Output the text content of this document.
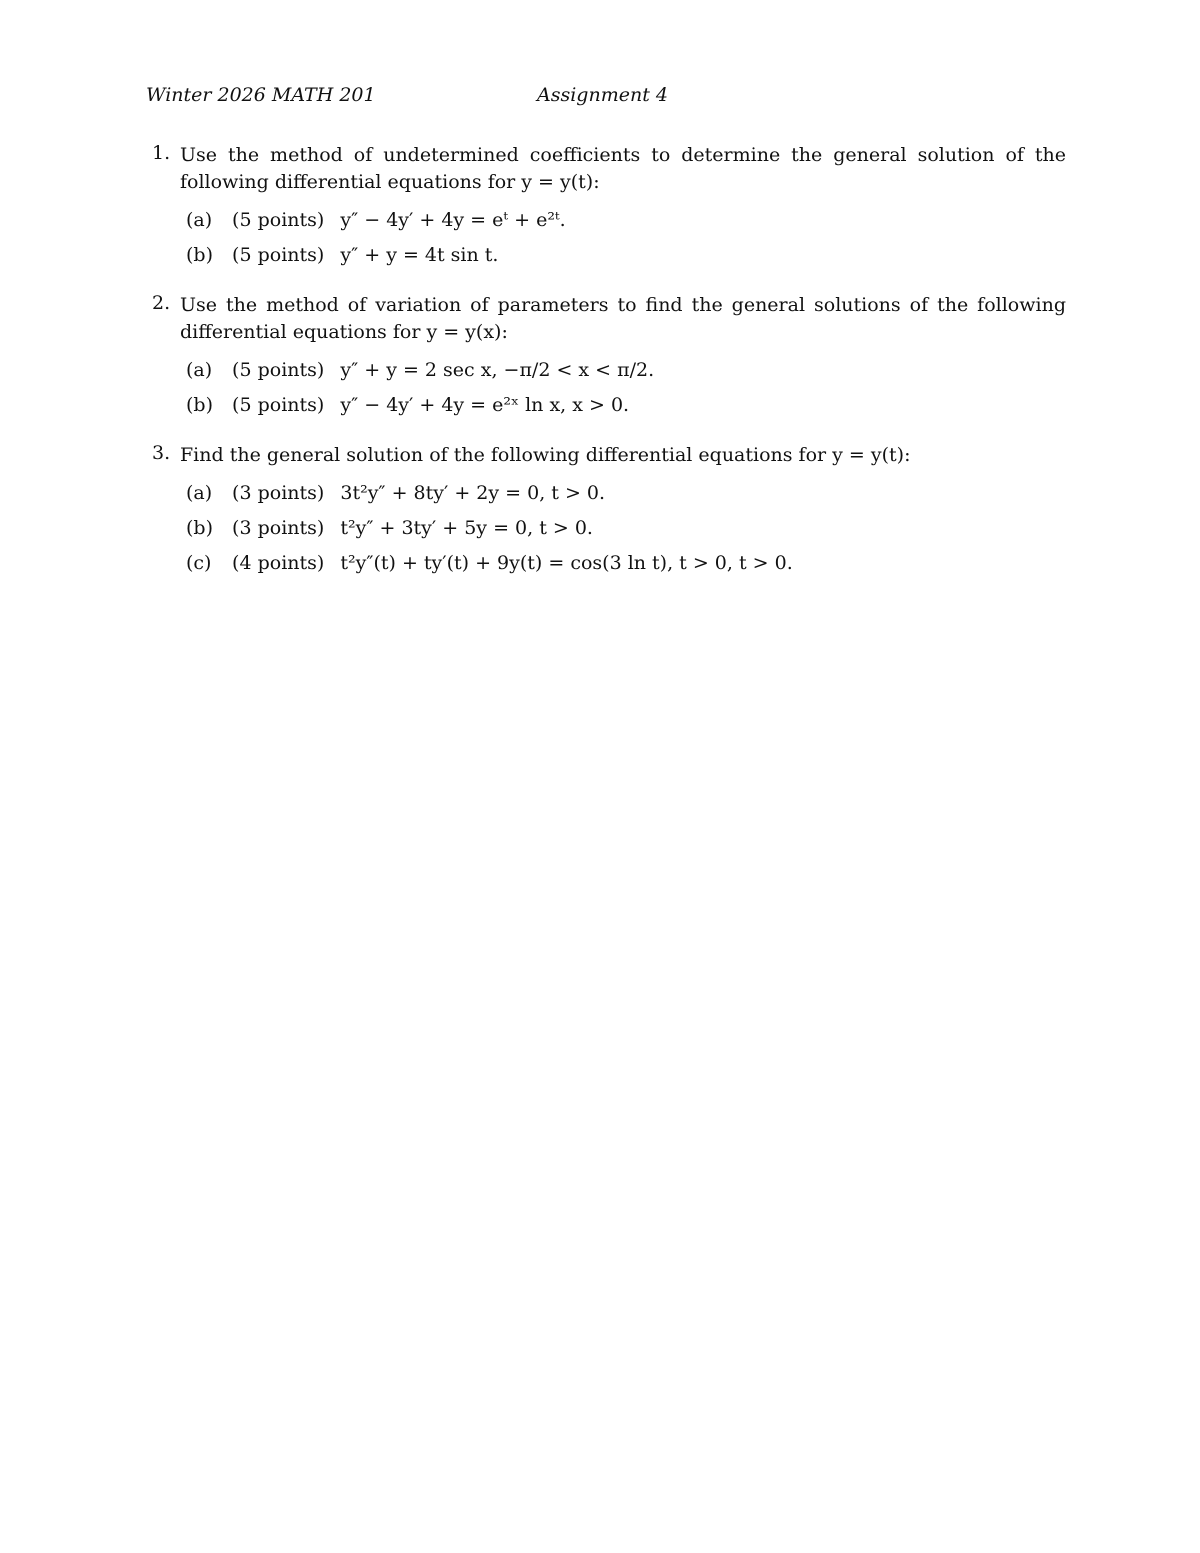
Winter 2026 MATH 201	Assignment 4
1. Use the method of undetermined coefficients to determine the general solution of the following differential equations for y = y(t):
(a) (5 points) y″ − 4y′ + 4y = eᵗ + e²ᵗ.
(b) (5 points) y″ + y = 4t sin t.
2. Use the method of variation of parameters to find the general solutions of the following differential equations for y = y(x):
(a) (5 points) y″ + y = 2 sec x, −π/2 < x < π/2.
(b) (5 points) y″ − 4y′ + 4y = e²ˣ ln x, x > 0.
3. Find the general solution of the following differential equations for y = y(t):
(a) (3 points) 3t²y″ + 8ty′ + 2y = 0, t > 0.
(b) (3 points) t²y″ + 3ty′ + 5y = 0, t > 0.
(c) (4 points) t²y″(t) + ty′(t) + 9y(t) = cos(3 ln t), t > 0, t > 0.
